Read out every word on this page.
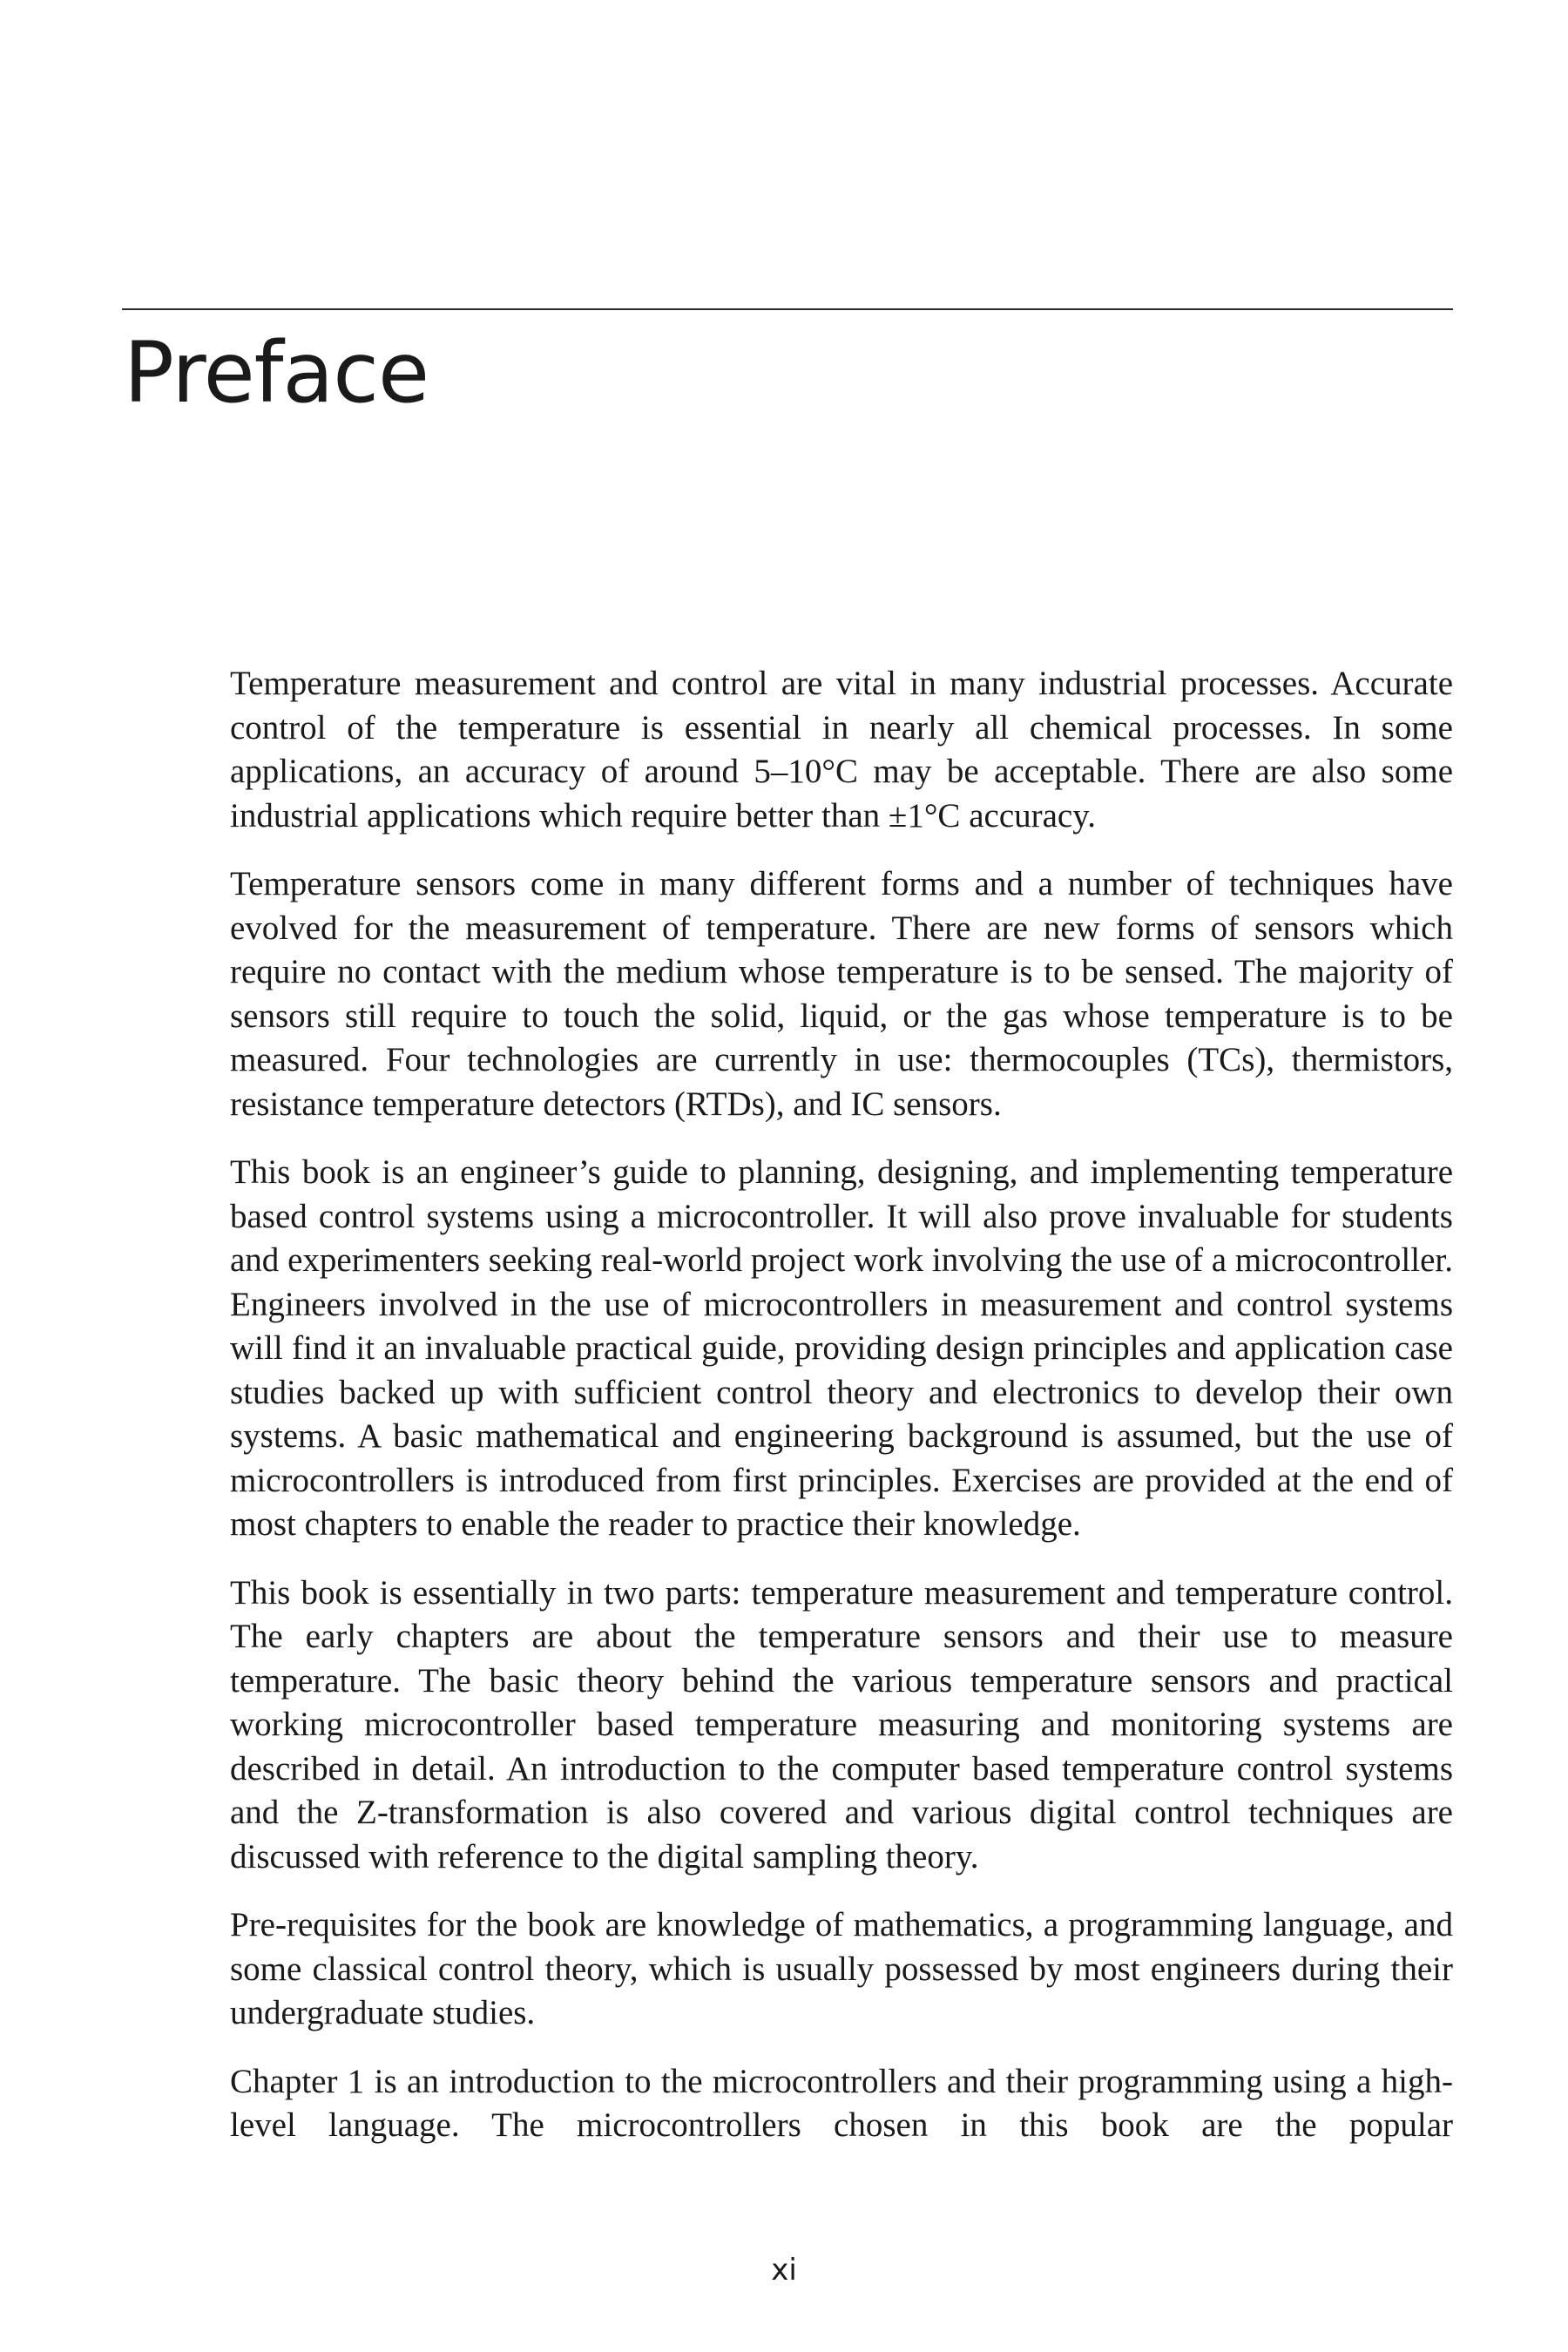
Preface

Temperature measurement and control are vital in many industrial processes. Accurate control of the temperature is essential in nearly all chemical processes. In some applications, an accuracy of around 5–10°C may be acceptable. There are also some industrial applications which require better than ±1°C accuracy.

Temperature sensors come in many different forms and a number of techniques have evolved for the measurement of temperature. There are new forms of sensors which require no contact with the medium whose temperature is to be sensed. The majority of sensors still require to touch the solid, liquid, or the gas whose temperature is to be measured. Four technologies are currently in use: thermocouples (TCs), thermistors, resistance temperature detectors (RTDs), and IC sensors.

This book is an engineer’s guide to planning, designing, and implementing temperature based control systems using a microcontroller. It will also prove invaluable for students and experimenters seeking real-world project work involving the use of a microcontroller. Engineers involved in the use of microcontrollers in measurement and control systems will find it an invaluable practical guide, providing design principles and application case studies backed up with sufficient control theory and electronics to develop their own systems. A basic mathematical and engineering background is assumed, but the use of microcontrollers is introduced from first principles. Exercises are provided at the end of most chapters to enable the reader to practice their knowledge.

This book is essentially in two parts: temperature measurement and temperature control. The early chapters are about the temperature sensors and their use to measure temperature. The basic theory behind the various temperature sensors and practical working microcontroller based temperature measuring and monitoring systems are described in detail. An introduction to the computer based temperature control systems and the Z-transformation is also covered and various digital control techniques are discussed with reference to the digital sampling theory.

Pre-requisites for the book are knowledge of mathematics, a programming language, and some classical control theory, which is usually possessed by most engineers during their undergraduate studies.

Chapter 1 is an introduction to the microcontrollers and their programming using a high-level language. The microcontrollers chosen in this book are the popular

xi
